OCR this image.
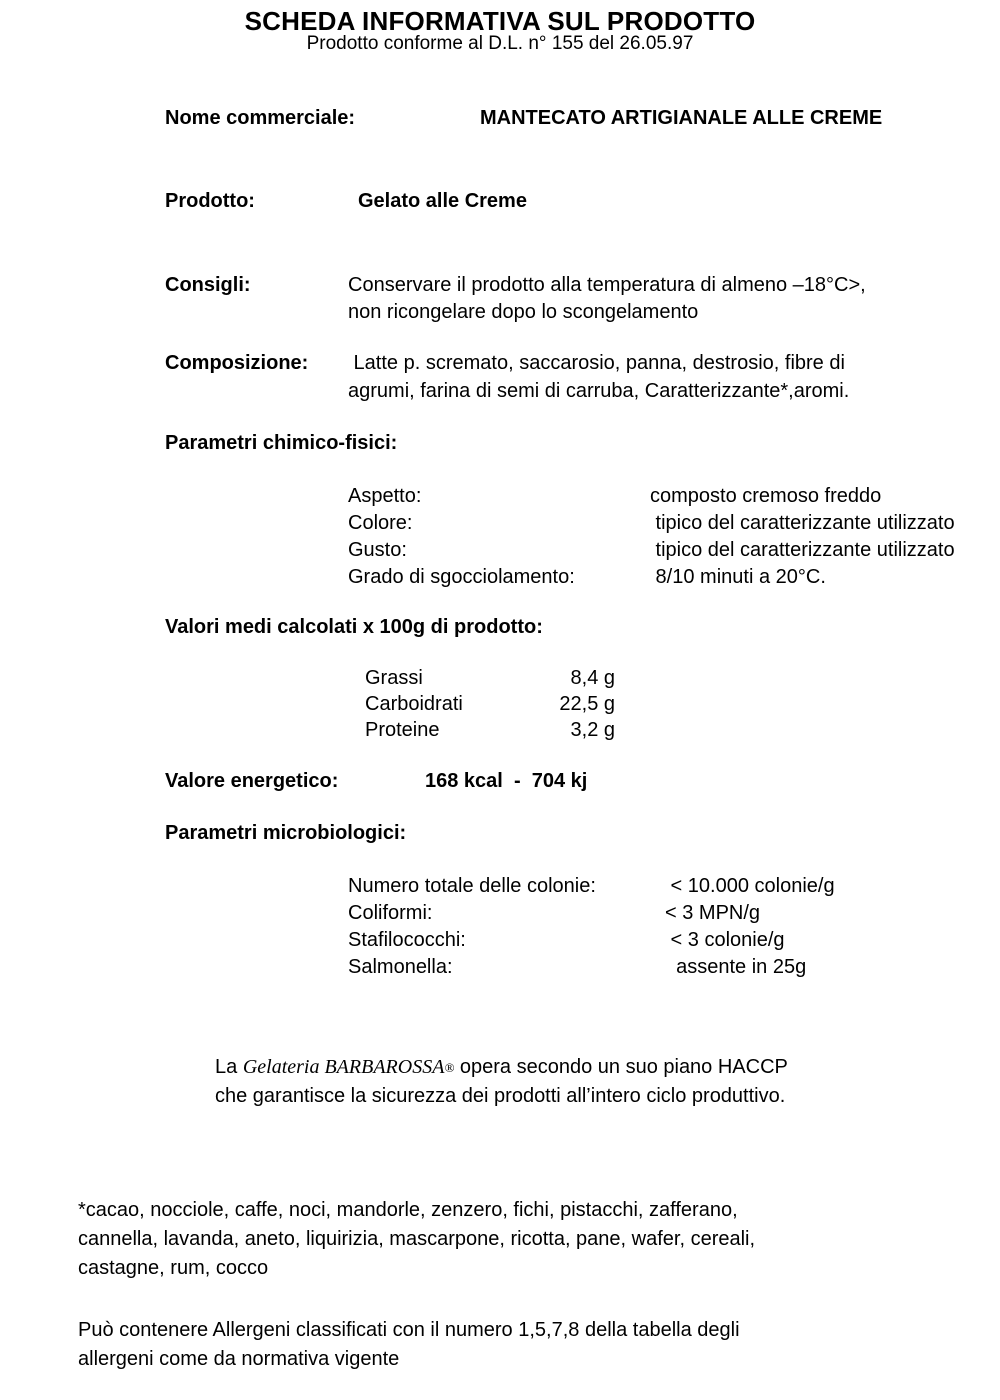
SCHEDA INFORMATIVA SUL PRODOTTO
Prodotto conforme al D.L. n° 155 del 26.05.97
Nome commerciale:	MANTECATO ARTIGIANALE ALLE CREME
Prodotto:	Gelato alle Creme
Consigli:	Conservare il prodotto alla temperatura di almeno –18°C>,
non ricongelare dopo lo scongelamento
Composizione: Latte p. scremato, saccarosio, panna, destrosio, fibre di
agrumi, farina di semi di carruba, Caratterizzante*,aromi.
Parametri chimico-fisici:
Aspetto:	composto cremoso freddo
Colore:	tipico del caratterizzante utilizzato
Gusto:	tipico del caratterizzante utilizzato
Grado di sgocciolamento:	8/10 minuti a 20°C.
Valori medi calcolati x 100g di prodotto:
Grassi	8,4 g
Carboidrati	22,5 g
Proteine	3,2 g
Valore energetico:	168 kcal  -  704 kj
Parametri microbiologici:
Numero totale delle colonie:	< 10.000 colonie/g
Coliformi:	< 3 MPN/g
Stafilococchi:	< 3 colonie/g
Salmonella:	assente in 25g
La Gelateria BARBAROSSA® opera secondo un suo piano HACCP
che garantisce la sicurezza dei prodotti all’intero ciclo produttivo.
*cacao, nocciole, caffe, noci, mandorle, zenzero, fichi, pistacchi, zafferano,
cannella, lavanda, aneto, liquirizia, mascarpone, ricotta, pane, wafer, cereali,
castagne, rum, cocco
Può contenere Allergeni classificati con il numero 1,5,7,8 della tabella degli
allergeni come da normativa vigente
